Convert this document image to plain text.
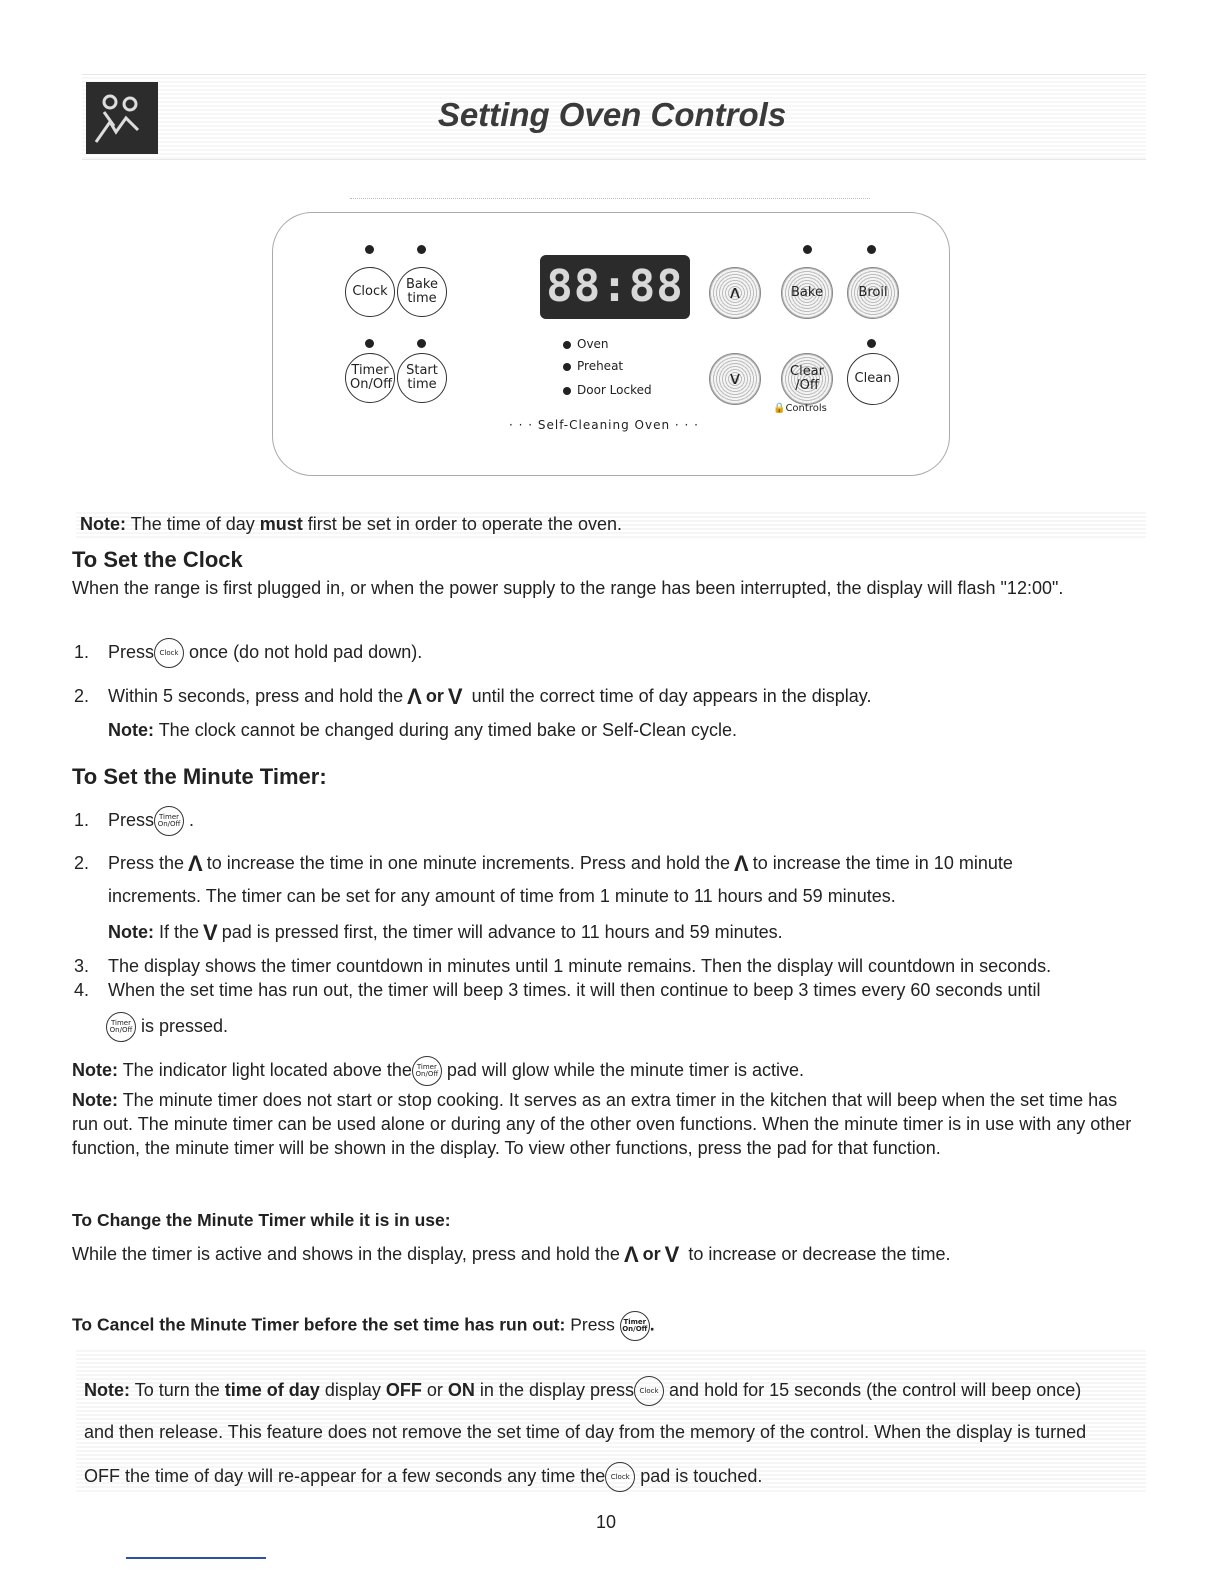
Setting Oven Controls
Clock Bake time
Timer On/Off
Start time
Oven
Preheat
Door Locked
· · · Self-Cleaning Oven · · ·
ʌ	Bake	Broil
v	Clear /Off	Clean
🔒Controls
88:88
Note: The time of day must first be set in order to operate the oven.
To Set the Clock
When the range is first plugged in, or when the power supply to the range has been interrupted, the display will flash "12:00".
1. Press Clock once (do not hold pad down).
2. Within 5 seconds, press and hold the Λ or V until the correct time of day appears in the display.
Note: The clock cannot be changed during any timed bake or Self-Clean cycle.
To Set the Minute Timer:
1. Press Timer On/Off .
2. Press the Λ to increase the time in one minute increments. Press and hold the Λ to increase the time in 10 minute
increments. The timer can be set for any amount of time from 1 minute to 11 hours and 59 minutes.
Note: If the V pad is pressed first, the timer will advance to 11 hours and 59 minutes.
3. The display shows the timer countdown in minutes until 1 minute remains. Then the display will countdown in seconds.
4. When the set time has run out, the timer will beep 3 times. it will then continue to beep 3 times every 60 seconds until
Timer On/Off is pressed.
Note: The indicator light located above the Timer On/Off pad will glow while the minute timer is active.
Note: The minute timer does not start or stop cooking. It serves as an extra timer in the kitchen that will beep when the set time has run out. The minute timer can be used alone or during any of the other oven functions. When the minute timer is in use with any other function, the minute timer will be shown in the display. To view other functions, press the pad for that function.
To Change the Minute Timer while it is in use:
While the timer is active and shows in the display, press and hold the Λ or V to increase or decrease the time.
To Cancel the Minute Timer before the set time has run out: Press Timer On/Off .
Note: To turn the time of day display OFF or ON in the display press Clock and hold for 15 seconds (the control will beep once)
and then release. This feature does not remove the set time of day from the memory of the control. When the display is turned
OFF the time of day will re-appear for a few seconds any time the Clock pad is touched.
10
